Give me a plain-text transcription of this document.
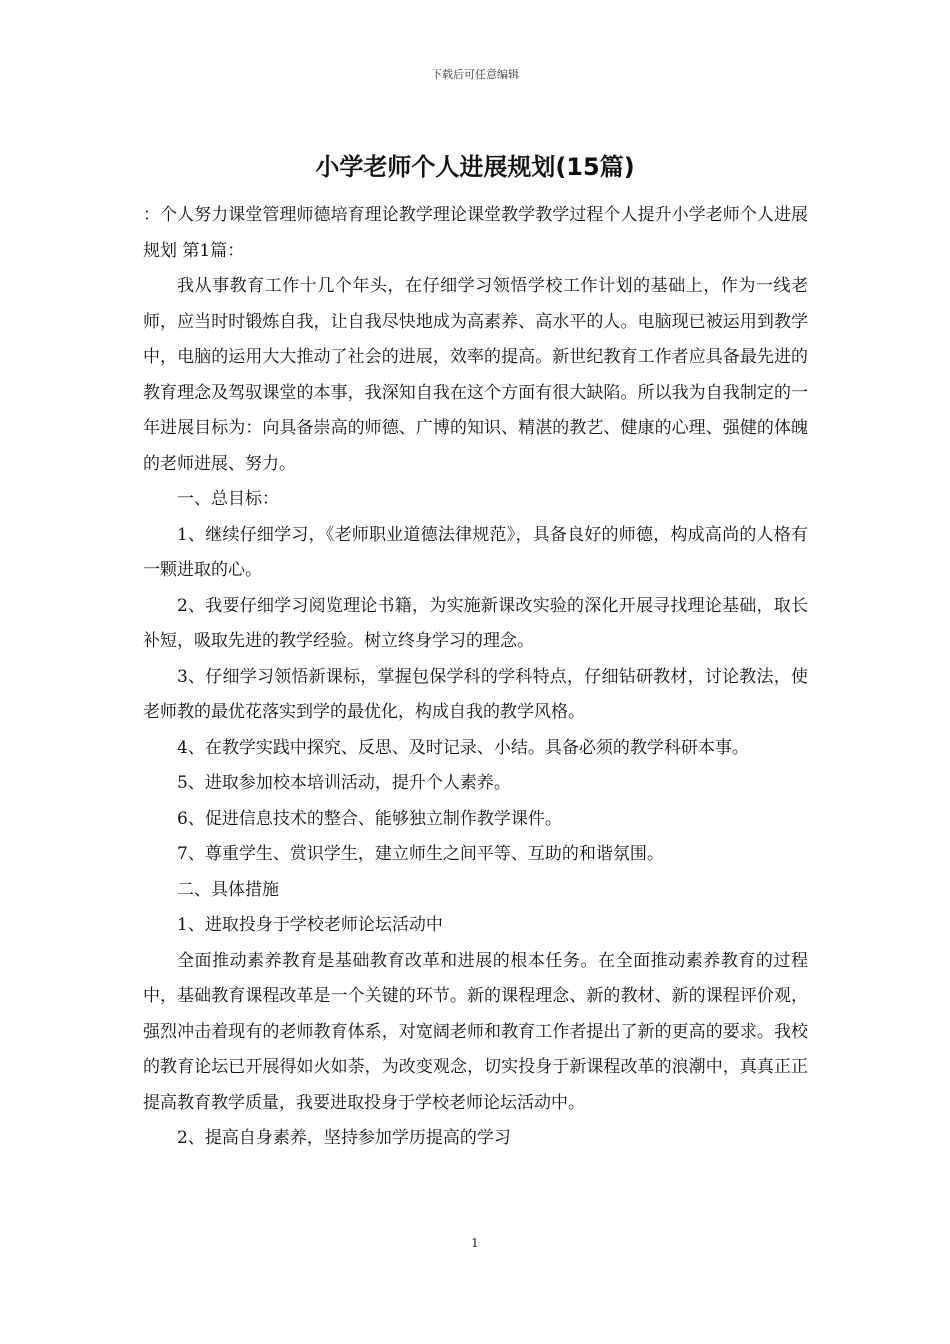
下载后可任意编辑
小学老师个人进展规划(15篇)

：个人努力课堂管理师德培育理论教学理论课堂教学教学过程个人提升小学老师个人进展规划 第1篇：

我从事教育工作十几个年头，在仔细学习领悟学校工作计划的基础上，作为一线老师，应当时时锻炼自我，让自我尽快地成为高素养、高水平的人。电脑现已被运用到教学中，电脑的运用大大推动了社会的进展，效率的提高。新世纪教育工作者应具备最先进的教育理念及驾驭课堂的本事，我深知自我在这个方面有很大缺陷。所以我为自我制定的一年进展目标为：向具备崇高的师德、广博的知识、精湛的教艺、健康的心理、强健的体魄的老师进展、努力。

一、总目标：

1、继续仔细学习，《老师职业道德法律规范》，具备良好的师德，构成高尚的人格有一颗进取的心。

2、我要仔细学习阅览理论书籍，为实施新课改实验的深化开展寻找理论基础，取长补短，吸取先进的教学经验。树立终身学习的理念。

3、仔细学习领悟新课标，掌握包保学科的学科特点，仔细钻研教材，讨论教法，使老师教的最优花落实到学的最优化，构成自我的教学风格。

4、在教学实践中探究、反思、及时记录、小结。具备必须的教学科研本事。

5、进取参加校本培训活动，提升个人素养。

6、促进信息技术的整合、能够独立制作教学课件。

7、尊重学生、赏识学生，建立师生之间平等、互助的和谐氛围。

二、具体措施

1、进取投身于学校老师论坛活动中

全面推动素养教育是基础教育改革和进展的根本任务。在全面推动素养教育的过程中，基础教育课程改革是一个关键的环节。新的课程理念、新的教材、新的课程评价观，强烈冲击着现有的老师教育体系，对宽阔老师和教育工作者提出了新的更高的要求。我校的教育论坛已开展得如火如荼，为改变观念，切实投身于新课程改革的浪潮中，真真正正提高教育教学质量，我要进取投身于学校老师论坛活动中。

2、提高自身素养，坚持参加学历提高的学习

1
